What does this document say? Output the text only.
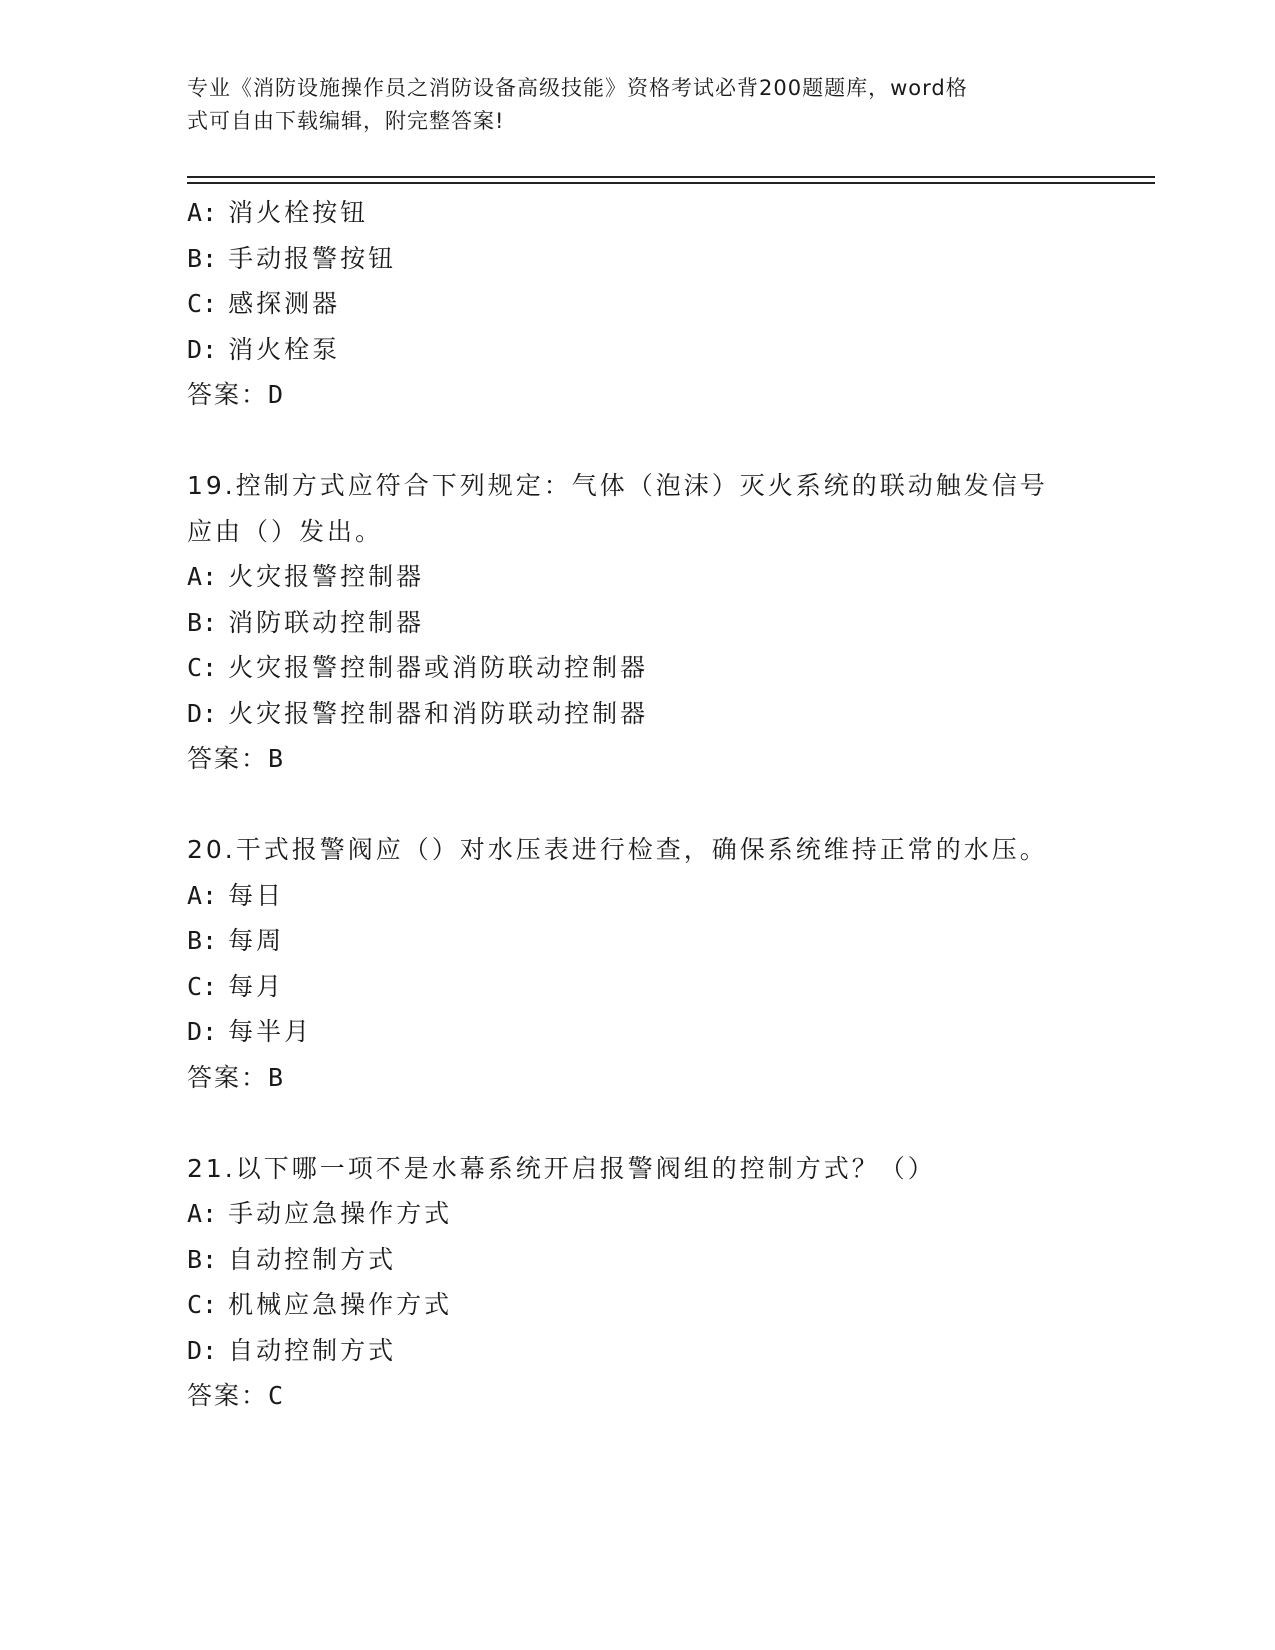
专业《消防设施操作员之消防设备高级技能》资格考试必背200题题库，word格
式可自由下载编辑，附完整答案!
A: 消火栓按钮
B: 手动报警按钮
C: 感探测器
D: 消火栓泵
答案：D
19.控制方式应符合下列规定：气体（泡沫）灭火系统的联动触发信号
应由（）发出。
A: 火灾报警控制器
B: 消防联动控制器
C: 火灾报警控制器或消防联动控制器
D: 火灾报警控制器和消防联动控制器
答案：B
20.干式报警阀应（）对水压表进行检查，确保系统维持正常的水压。
A: 每日
B: 每周
C: 每月
D: 每半月
答案：B
21.以下哪一项不是水幕系统开启报警阀组的控制方式？（）
A: 手动应急操作方式
B: 自动控制方式
C: 机械应急操作方式
D: 自动控制方式
答案：C
